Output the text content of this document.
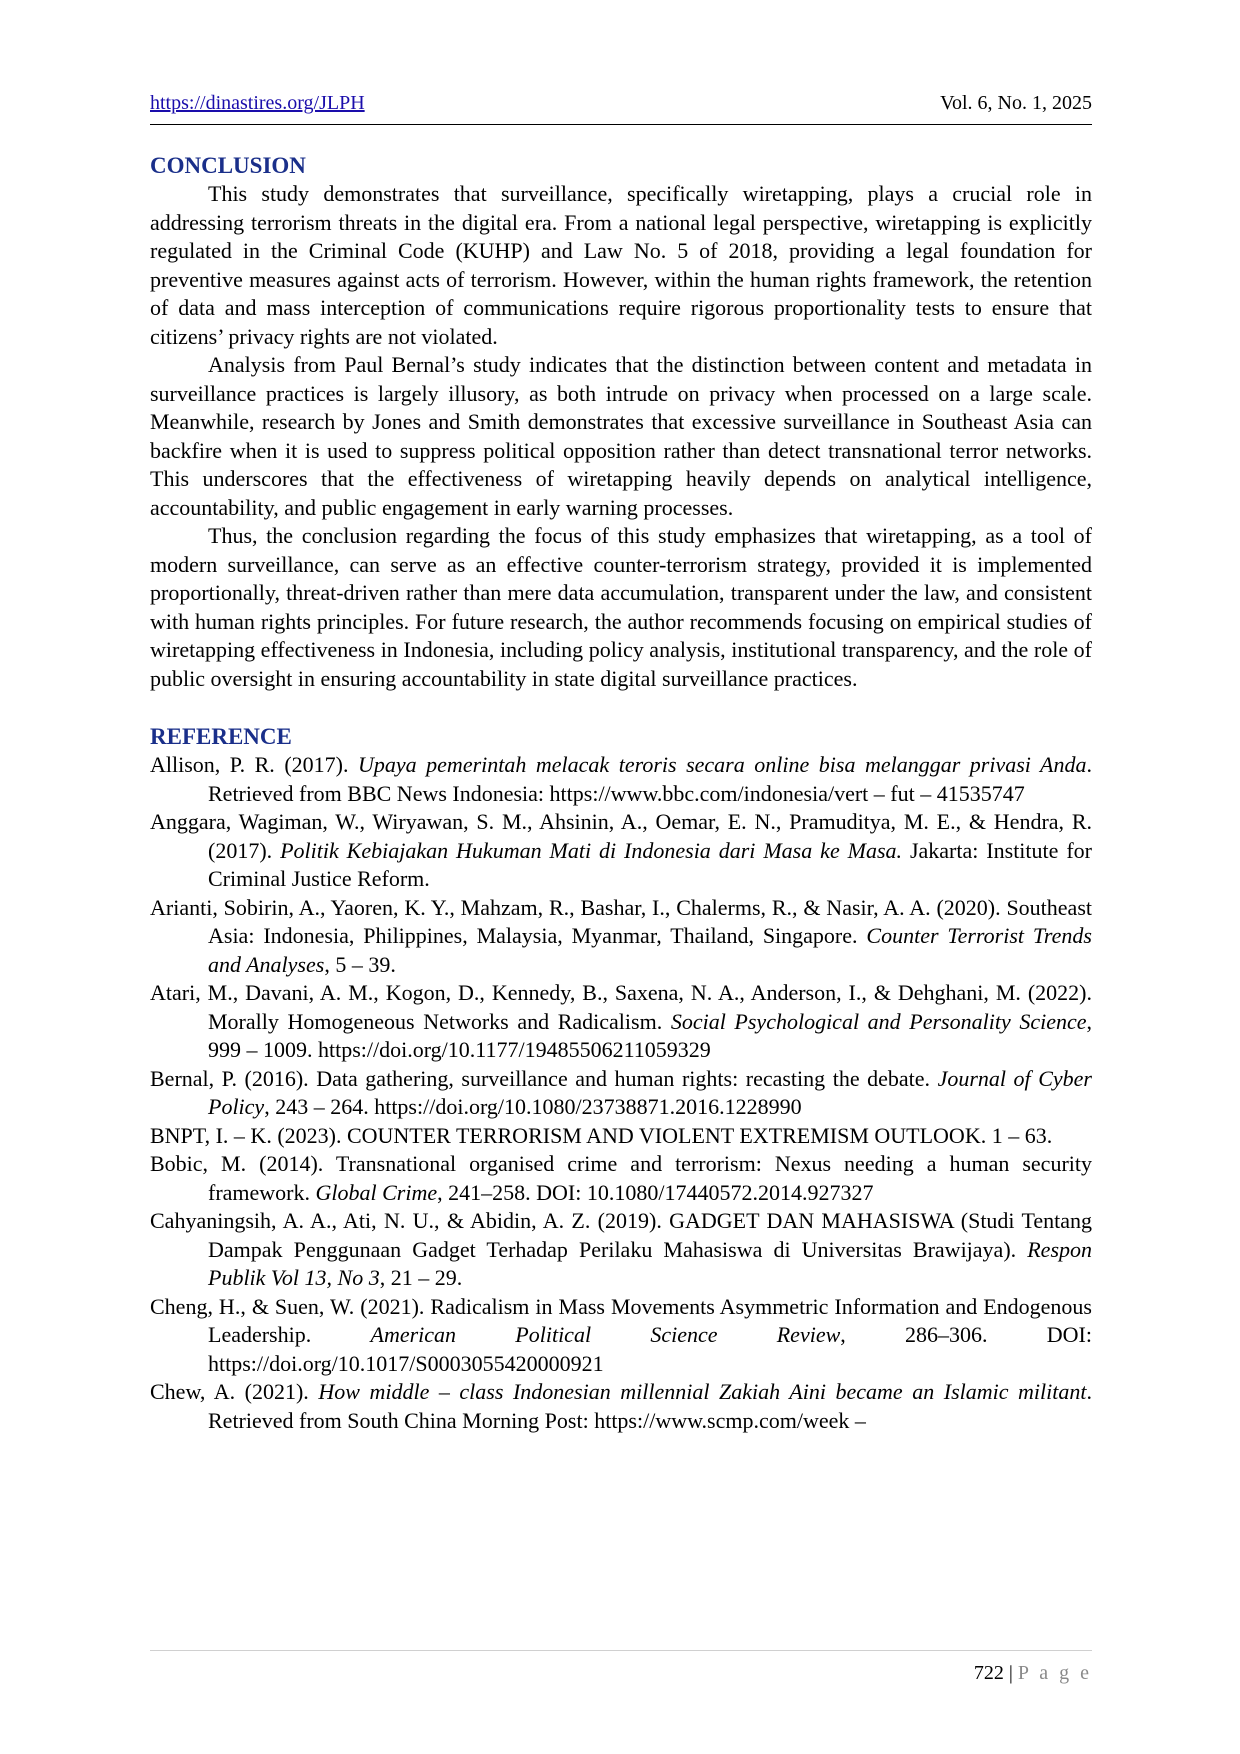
https://dinastires.org/JLPH	Vol. 6, No. 1, 2025
CONCLUSION

This study demonstrates that surveillance, specifically wiretapping, plays a crucial role in addressing terrorism threats in the digital era. From a national legal perspective, wiretapping is explicitly regulated in the Criminal Code (KUHP) and Law No. 5 of 2018, providing a legal foundation for preventive measures against acts of terrorism. However, within the human rights framework, the retention of data and mass interception of communications require rigorous proportionality tests to ensure that citizens’ privacy rights are not violated.

Analysis from Paul Bernal’s study indicates that the distinction between content and metadata in surveillance practices is largely illusory, as both intrude on privacy when processed on a large scale. Meanwhile, research by Jones and Smith demonstrates that excessive surveillance in Southeast Asia can backfire when it is used to suppress political opposition rather than detect transnational terror networks. This underscores that the effectiveness of wiretapping heavily depends on analytical intelligence, accountability, and public engagement in early warning processes.

Thus, the conclusion regarding the focus of this study emphasizes that wiretapping, as a tool of modern surveillance, can serve as an effective counter-terrorism strategy, provided it is implemented proportionally, threat-driven rather than mere data accumulation, transparent under the law, and consistent with human rights principles. For future research, the author recommends focusing on empirical studies of wiretapping effectiveness in Indonesia, including policy analysis, institutional transparency, and the role of public oversight in ensuring accountability in state digital surveillance practices.

REFERENCE

Allison, P. R. (2017). Upaya pemerintah melacak teroris secara online bisa melanggar privasi Anda. Retrieved from BBC News Indonesia: https://www.bbc.com/indonesia/vert – fut – 41535747

Anggara, Wagiman, W., Wiryawan, S. M., Ahsinin, A., Oemar, E. N., Pramuditya, M. E., & Hendra, R. (2017). Politik Kebiajakan Hukuman Mati di Indonesia dari Masa ke Masa. Jakarta: Institute for Criminal Justice Reform.

Arianti, Sobirin, A., Yaoren, K. Y., Mahzam, R., Bashar, I., Chalerms, R., & Nasir, A. A. (2020). Southeast Asia: Indonesia, Philippines, Malaysia, Myanmar, Thailand, Singapore. Counter Terrorist Trends and Analyses, 5 – 39.

Atari, M., Davani, A. M., Kogon, D., Kennedy, B., Saxena, N. A., Anderson, I., & Dehghani, M. (2022). Morally Homogeneous Networks and Radicalism. Social Psychological and Personality Science, 999 – 1009. https://doi.org/10.1177/19485506211059329

Bernal, P. (2016). Data gathering, surveillance and human rights: recasting the debate. Journal of Cyber Policy, 243 – 264. https://doi.org/10.1080/23738871.2016.1228990

BNPT, I. – K. (2023). COUNTER TERRORISM AND VIOLENT EXTREMISM OUTLOOK. 1 – 63.

Bobic, M. (2014). Transnational organised crime and terrorism: Nexus needing a human security framework. Global Crime, 241–258. DOI: 10.1080/17440572.2014.927327

Cahyaningsih, A. A., Ati, N. U., & Abidin, A. Z. (2019). GADGET DAN MAHASISWA (Studi Tentang Dampak Penggunaan Gadget Terhadap Perilaku Mahasiswa di Universitas Brawijaya). Respon Publik Vol 13, No 3, 21 – 29.

Cheng, H., & Suen, W. (2021). Radicalism in Mass Movements Asymmetric Information and Endogenous Leadership. American Political Science Review, 286–306. DOI: https://doi.org/10.1017/S0003055420000921

Chew, A. (2021). How middle – class Indonesian millennial Zakiah Aini became an Islamic militant. Retrieved from South China Morning Post: https://www.scmp.com/week –

722 | P a g e
